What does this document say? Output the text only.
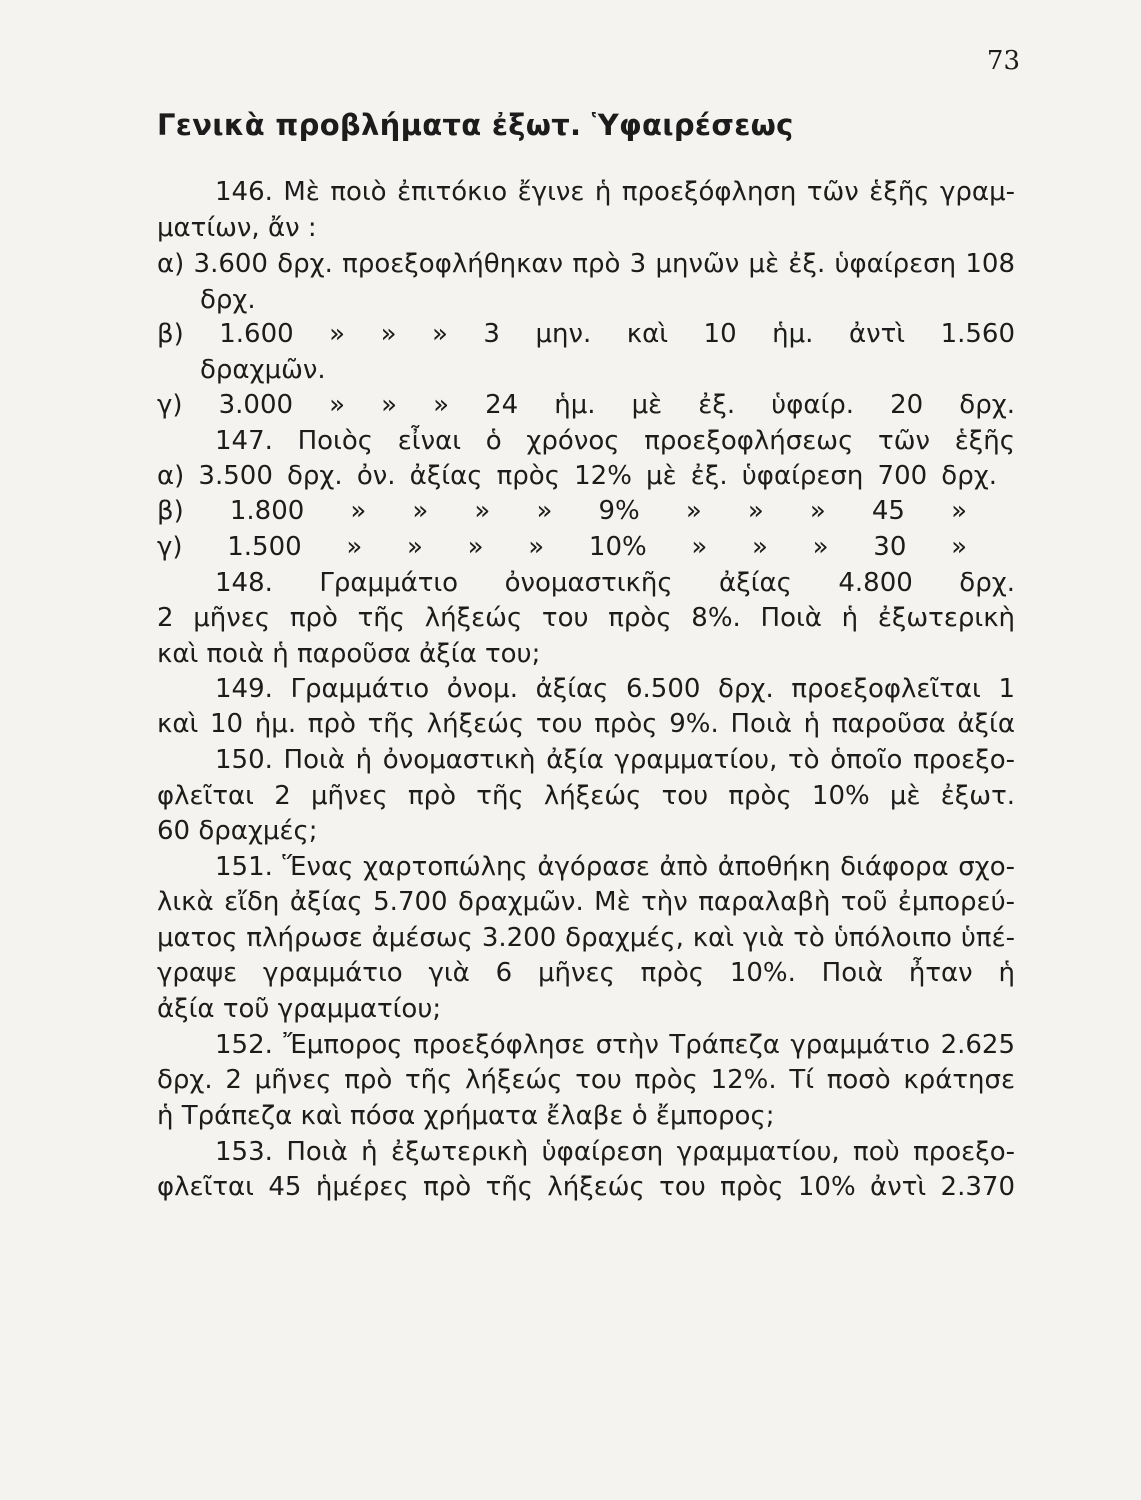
73
Γενικὰ προβλήματα ἐξωτ. Ὑφαιρέσεως
146. Μὲ ποιὸ ἐπιτόκιο ἔγινε ἡ προεξόφληση τῶν ἑξῆς γραμ-
ματίων, ἄν :
α) 3.600 δρχ. προεξοφλήθηκαν πρὸ 3 μηνῶν μὲ ἐξ. ὑφαίρεση 108
δρχ.
β) 1.600 » » » 3 μην. καὶ 10 ἡμ. ἀντὶ 1.560
δραχμῶν.
γ) 3.000 » » » 24 ἡμ. μὲ ἐξ. ὑφαίρ. 20 δρχ.
147. Ποιὸς εἶναι ὁ χρόνος προεξοφλήσεως τῶν ἑξῆς
α) 3.500 δρχ. ὀν. ἀξίας πρὸς 12% μὲ ἐξ. ὑφαίρεση 700 δρχ.
β) 1.800 » » » » 9% » » » 45 »
γ) 1.500 » » » » 10% » » » 30 »
148. Γραμμάτιο ὀνομαστικῆς ἀξίας 4.800 δρχ.
2 μῆνες πρὸ τῆς λήξεώς του πρὸς 8%. Ποιὰ ἡ ἐξωτερικὴ
καὶ ποιὰ ἡ παροῦσα ἀξία του;
149. Γραμμάτιο ὀνομ. ἀξίας 6.500 δρχ. προεξοφλεῖται 1
καὶ 10 ἡμ. πρὸ τῆς λήξεώς του πρὸς 9%. Ποιὰ ἡ παροῦσα ἀξία
150. Ποιὰ ἡ ὀνομαστικὴ ἀξία γραμματίου, τὸ ὁποῖο προεξο-
φλεῖται 2 μῆνες πρὸ τῆς λήξεώς του πρὸς 10% μὲ ἐξωτ.
60 δραχμές;
151. Ἕνας χαρτοπώλης ἀγόρασε ἀπὸ ἀποθήκη διάφορα σχο-
λικὰ εἴδη ἀξίας 5.700 δραχμῶν. Μὲ τὴν παραλαβὴ τοῦ ἐμπορεύ-
ματος πλήρωσε ἀμέσως 3.200 δραχμές, καὶ γιὰ τὸ ὑπόλοιπο ὑπέ-
γραψε γραμμάτιο γιὰ 6 μῆνες πρὸς 10%. Ποιὰ ἦταν ἡ
ἀξία τοῦ γραμματίου;
152. Ἔμπορος προεξόφλησε στὴν Τράπεζα γραμμάτιο 2.625
δρχ. 2 μῆνες πρὸ τῆς λήξεώς του πρὸς 12%. Τί ποσὸ κράτησε
ἡ Τράπεζα καὶ πόσα χρήματα ἔλαβε ὁ ἔμπορος;
153. Ποιὰ ἡ ἐξωτερικὴ ὑφαίρεση γραμματίου, ποὺ προεξο-
φλεῖται 45 ἡμέρες πρὸ τῆς λήξεώς του πρὸς 10% ἀντὶ 2.370
